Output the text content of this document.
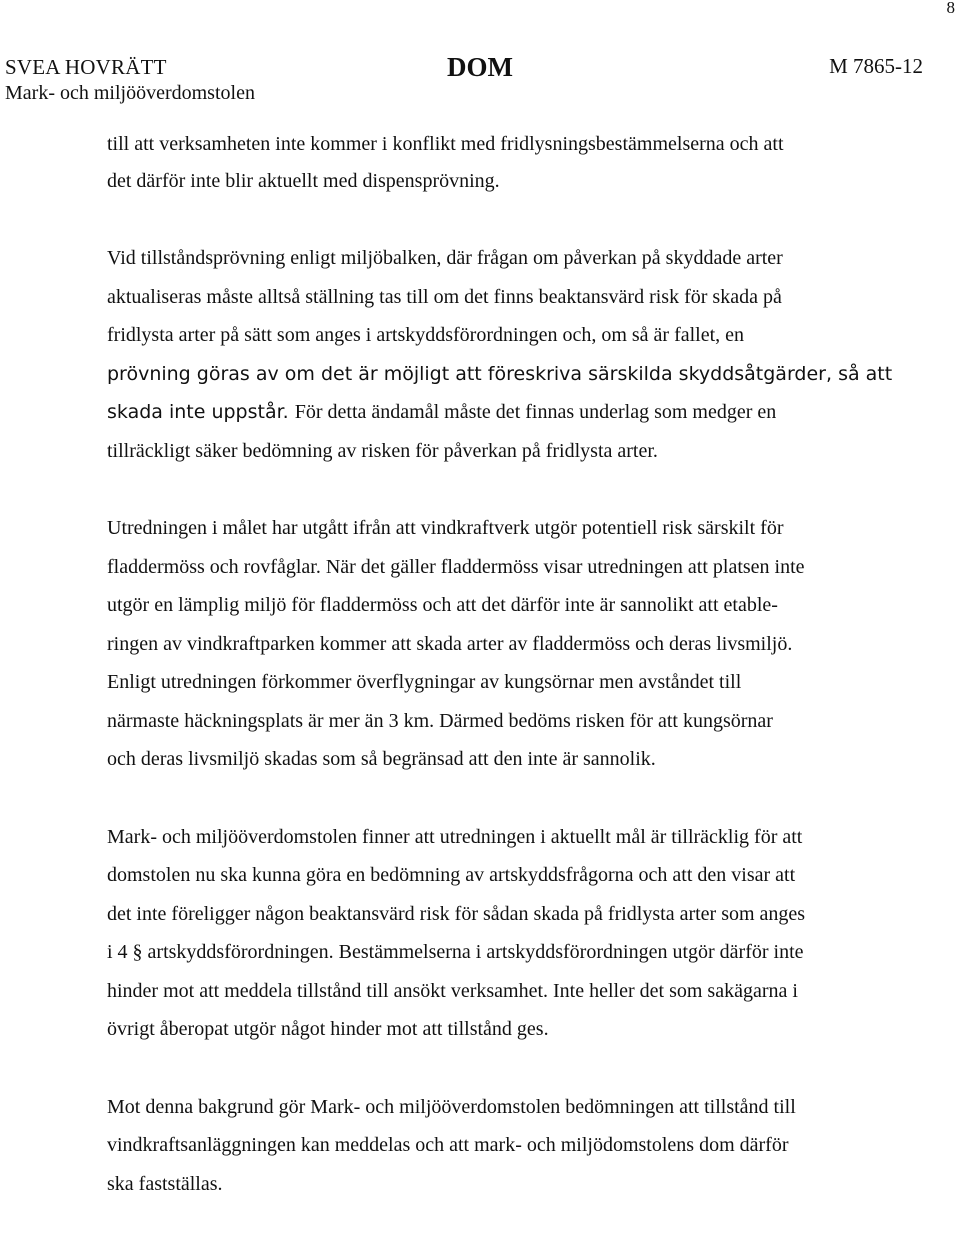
8
SVEA HOVRÄTT
Mark- och miljööverdomstolen
DOM	M 7865-12
till att verksamheten inte kommer i konflikt med fridlysningsbestämmelserna och att
det därför inte blir aktuellt med dispensprövning.
Vid tillståndsprövning enligt miljöbalken, där frågan om påverkan på skyddade arter
aktualiseras måste alltså ställning tas till om det finns beaktansvärd risk för skada på
fridlysta arter på sätt som anges i artskyddsförordningen och, om så är fallet, en
prövning göras av om det är möjligt att föreskriva särskilda skyddsåtgärder, så att
skada inte uppstår. För detta ändamål måste det finnas underlag som medger en
tillräckligt säker bedömning av risken för påverkan på fridlysta arter.
Utredningen i målet har utgått ifrån att vindkraftverk utgör potentiell risk särskilt för
fladdermöss och rovfåglar. När det gäller fladdermöss visar utredningen att platsen inte
utgör en lämplig miljö för fladdermöss och att det därför inte är sannolikt att etable-
ringen av vindkraftparken kommer att skada arter av fladdermöss och deras livsmiljö.
Enligt utredningen förkommer överflygningar av kungsörnar men avståndet till
närmaste häckningsplats är mer än 3 km. Därmed bedöms risken för att kungsörnar
och deras livsmiljö skadas som så begränsad att den inte är sannolik.
Mark- och miljööverdomstolen finner att utredningen i aktuellt mål är tillräcklig för att
domstolen nu ska kunna göra en bedömning av artskyddsfrågorna och att den visar att
det inte föreligger någon beaktansvärd risk för sådan skada på fridlysta arter som anges
i 4 § artskyddsförordningen. Bestämmelserna i artskyddsförordningen utgör därför inte
hinder mot att meddela tillstånd till ansökt verksamhet. Inte heller det som sakägarna i
övrigt åberopat utgör något hinder mot att tillstånd ges.
Mot denna bakgrund gör Mark- och miljööverdomstolen bedömningen att tillstånd till
vindkraftsanläggningen kan meddelas och att mark- och miljödomstolens dom därför
ska fastställas.
